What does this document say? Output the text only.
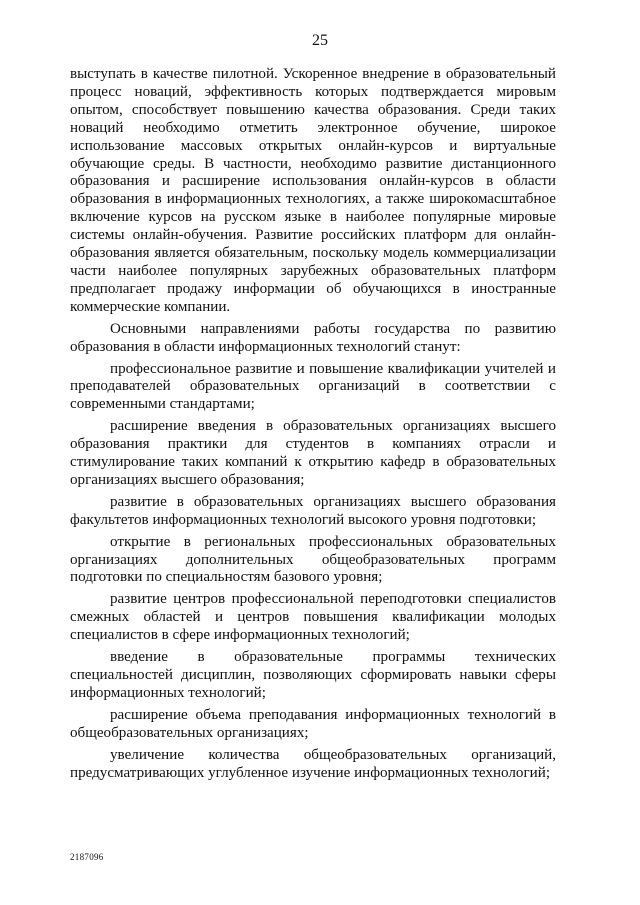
25

выступать в качестве пилотной. Ускоренное внедрение в образовательный процесс новаций, эффективность которых подтверждается мировым опытом, способствует повышению качества образования. Среди таких новаций необходимо отметить электронное обучение, широкое использование массовых открытых онлайн-курсов и виртуальные обучающие среды. В частности, необходимо развитие дистанционного образования и расширение использования онлайн-курсов в области образования в информационных технологиях, а также широкомасштабное включение курсов на русском языке в наиболее популярные мировые системы онлайн-обучения. Развитие российских платформ для онлайн-образования является обязательным, поскольку модель коммерциализации части наиболее популярных зарубежных образовательных платформ предполагает продажу информации об обучающихся в иностранные коммерческие компании.

Основными направлениями работы государства по развитию образования в области информационных технологий станут:

профессиональное развитие и повышение квалификации учителей и преподавателей образовательных организаций в соответствии с современными стандартами;

расширение введения в образовательных организациях высшего образования практики для студентов в компаниях отрасли и стимулирование таких компаний к открытию кафедр в образовательных организациях высшего образования;

развитие в образовательных организациях высшего образования факультетов информационных технологий высокого уровня подготовки;

открытие в региональных профессиональных образовательных организациях дополнительных общеобразовательных программ подготовки по специальностям базового уровня;

развитие центров профессиональной переподготовки специалистов смежных областей и центров повышения квалификации молодых специалистов в сфере информационных технологий;

введение в образовательные программы технических специальностей дисциплин, позволяющих сформировать навыки сферы информационных технологий;

расширение объема преподавания информационных технологий в общеобразовательных организациях;

увеличение количества общеобразовательных организаций, предусматривающих углубленное изучение информационных технологий;

2187096
